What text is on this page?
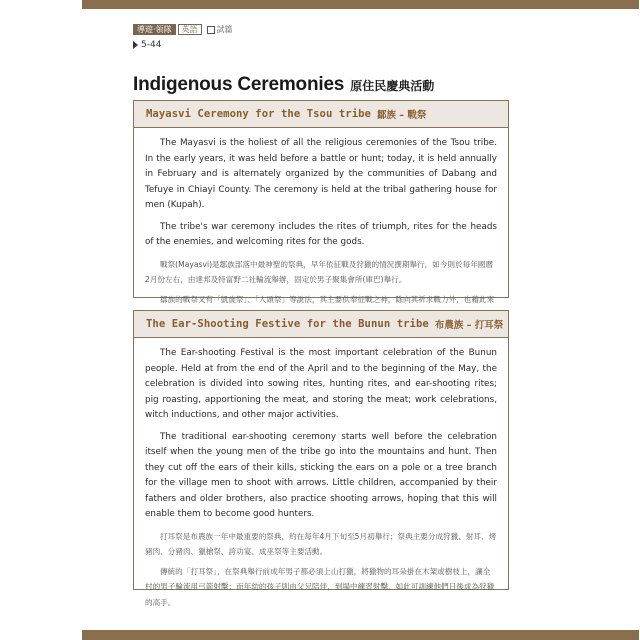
導遊‧領隊	英語	試篇
5-44
Indigenous Ceremonies 原住民慶典活動
Mayasvi Ceremony for the Tsou tribe 鄒族 – 戰祭

The Mayasvi is the holiest of all the religious ceremonies of the Tsou tribe. In the early years, it was held before a battle or hunt; today, it is held annually in February and is alternately organized by the communities of Dabang and Tefuye in Chiayi County. The ceremony is held at the tribal gathering house for men (Kupah).

The tribe's war ceremony includes the rites of triumph, rites for the heads of the enemies, and welcoming rites for the gods.

戰祭(Mayasvi)是鄒族部落中最神聖的祭典，早年依征戰及狩獵的情況撰期舉行，如今則於每年國曆2月份左右，由達邦及特富野二社輪流舉辦，固定於男子聚集會所(庫巴)舉行。

鄒族的戰祭又有「凱旋祭」、「人頭祭」等說法，其主要供奉征戰之神，除向其祈求戰力外，也藉此來

The Ear-Shooting Festive for the Bunun tribe 布農族 – 打耳祭

The Ear-shooting Festival is the most important celebration of the Bunun people. Held at from the end of the April and to the beginning of the May, the celebration is divided into sowing rites, hunting rites, and ear-shooting rites; pig roasting, apportioning the meat, and storing the meat; work celebrations, witch inductions, and other major activities.

The traditional ear-shooting ceremony starts well before the celebration itself when the young men of the tribe go into the mountains and hunt. Then they cut off the ears of their kills, sticking the ears on a pole or a tree branch for the village men to shoot with arrows. Little children, accompanied by their fathers and older brothers, also practice shooting arrows, hoping that this will enable them to become good hunters.

打耳祭是布農族一年中最重要的祭典，約在每年4月下旬至5月初舉行；祭典主要分成狩獵、射耳、烤豬肉、分豬肉、獵槍祭、誇功宴、成巫祭等主要活動。

傳統的「打耳祭」，在祭典舉行前成年男子都必須上山打獵，將獵物的耳朵掛在木架或樹枝上，讓全村的男子輪流用弓箭射擊；而年幼的孩子則由父兄陪伴，到場中練習射擊，如此可訓練他們日後成為狩獵的高手。
